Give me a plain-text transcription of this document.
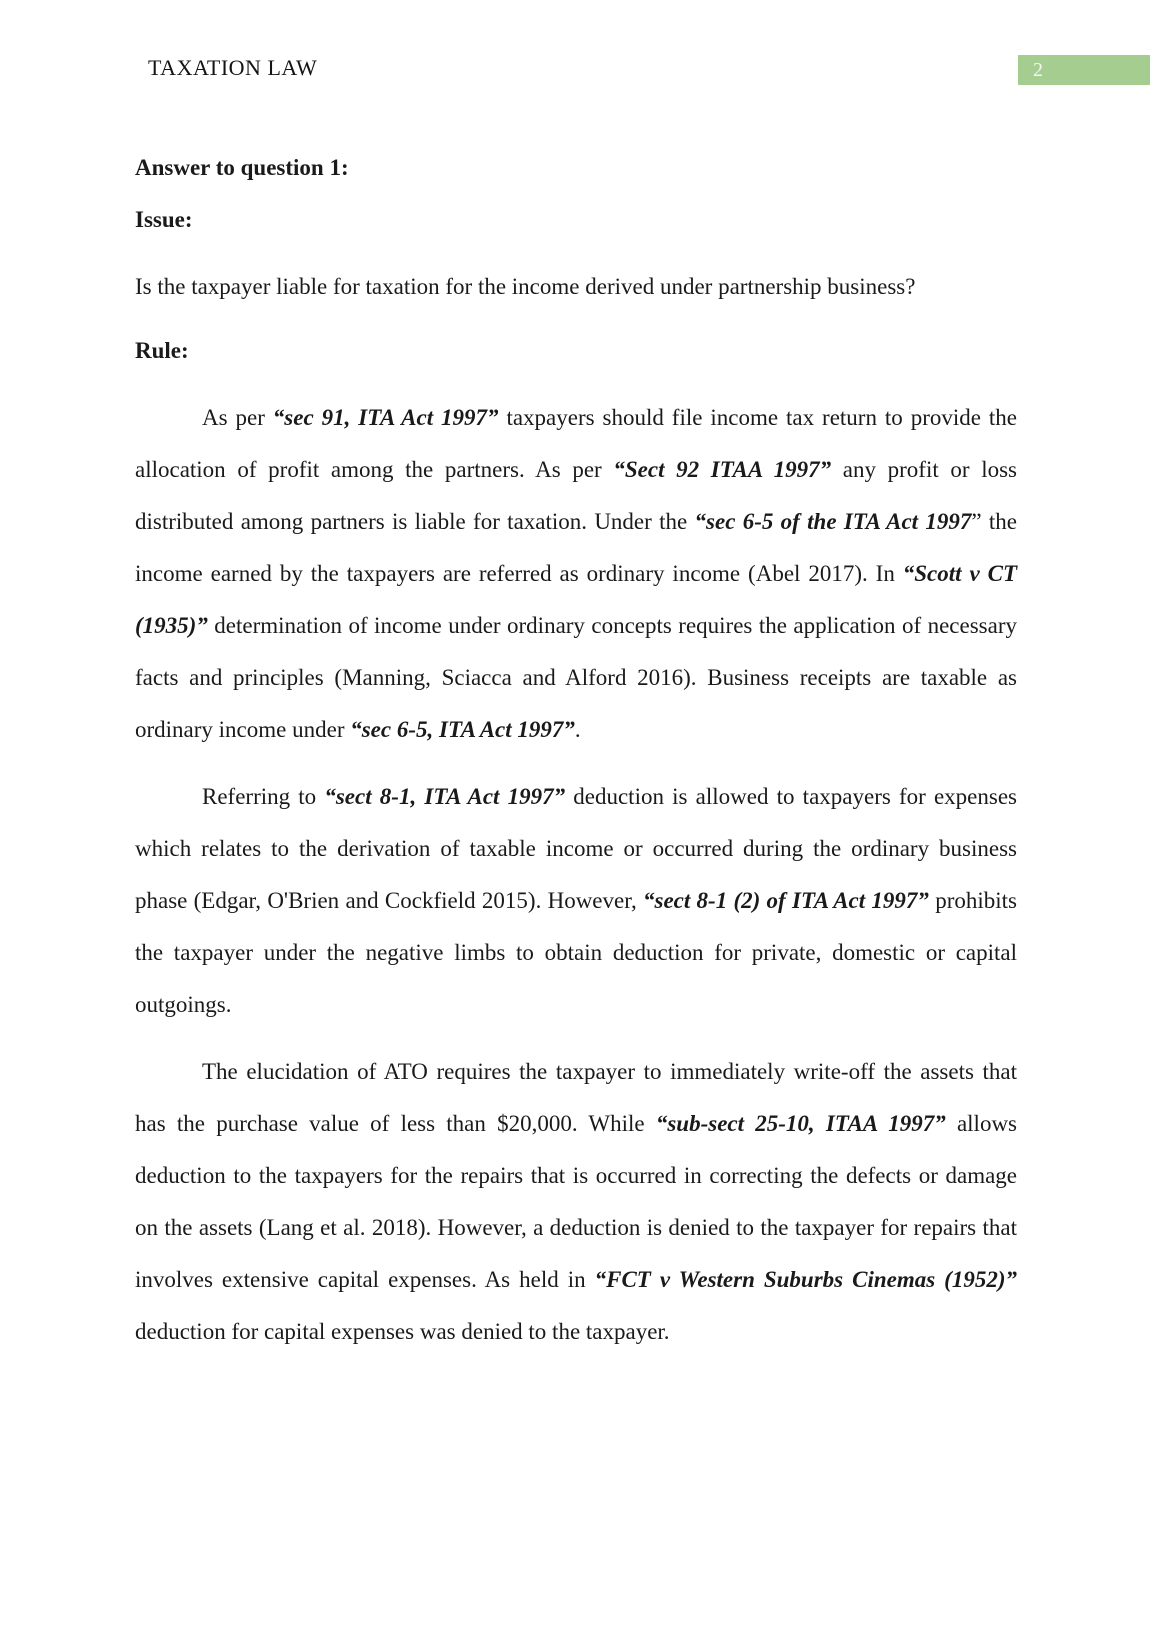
TAXATION LAW	2

Answer to question 1:

Issue:

Is the taxpayer liable for taxation for the income derived under partnership business?

Rule:

As per “sec 91, ITA Act 1997” taxpayers should file income tax return to provide the allocation of profit among the partners. As per “Sect 92 ITAA 1997” any profit or loss distributed among partners is liable for taxation. Under the “sec 6-5 of the ITA Act 1997” the income earned by the taxpayers are referred as ordinary income (Abel 2017). In “Scott v CT (1935)” determination of income under ordinary concepts requires the application of necessary facts and principles (Manning, Sciacca and Alford 2016). Business receipts are taxable as ordinary income under “sec 6-5, ITA Act 1997”.

Referring to “sect 8-1, ITA Act 1997” deduction is allowed to taxpayers for expenses which relates to the derivation of taxable income or occurred during the ordinary business phase (Edgar, O'Brien and Cockfield 2015). However, “sect 8-1 (2) of ITA Act 1997” prohibits the taxpayer under the negative limbs to obtain deduction for private, domestic or capital outgoings.

The elucidation of ATO requires the taxpayer to immediately write-off the assets that has the purchase value of less than $20,000. While “sub-sect 25-10, ITAA 1997” allows deduction to the taxpayers for the repairs that is occurred in correcting the defects or damage on the assets (Lang et al. 2018). However, a deduction is denied to the taxpayer for repairs that involves extensive capital expenses. As held in “FCT v Western Suburbs Cinemas (1952)” deduction for capital expenses was denied to the taxpayer.
